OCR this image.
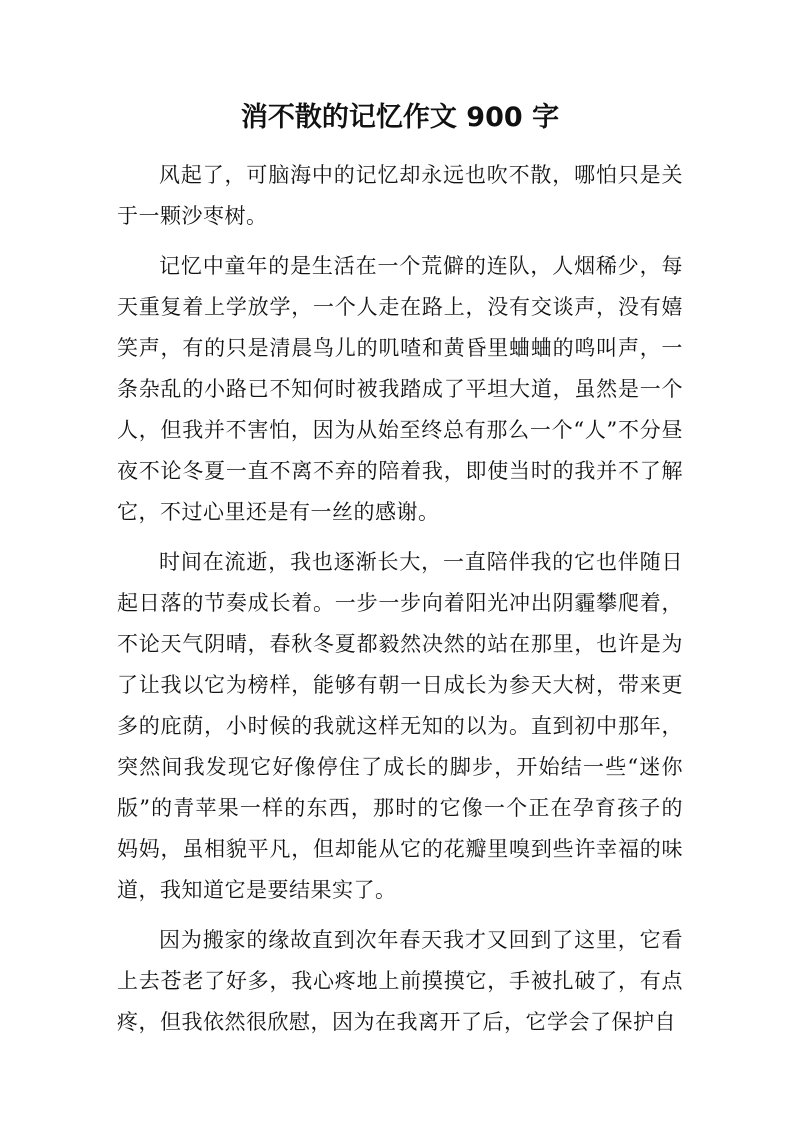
消不散的记忆作文 900 字

风起了，可脑海中的记忆却永远也吹不散，哪怕只是关于一颗沙枣树。

记忆中童年的是生活在一个荒僻的连队，人烟稀少，每天重复着上学放学，一个人走在路上，没有交谈声，没有嬉笑声，有的只是清晨鸟儿的叽喳和黄昏里蛐蛐的鸣叫声，一条杂乱的小路已不知何时被我踏成了平坦大道，虽然是一个人，但我并不害怕，因为从始至终总有那么一个“人”不分昼夜不论冬夏一直不离不弃的陪着我，即使当时的我并不了解它，不过心里还是有一丝的感谢。

时间在流逝，我也逐渐长大，一直陪伴我的它也伴随日起日落的节奏成长着。一步一步向着阳光冲出阴霾攀爬着，不论天气阴晴，春秋冬夏都毅然决然的站在那里，也许是为了让我以它为榜样，能够有朝一日成长为参天大树，带来更多的庇荫，小时候的我就这样无知的以为。直到初中那年，突然间我发现它好像停住了成长的脚步，开始结一些“迷你版”的青苹果一样的东西，那时的它像一个正在孕育孩子的妈妈，虽相貌平凡，但却能从它的花瓣里嗅到些许幸福的味道，我知道它是要结果实了。

因为搬家的缘故直到次年春天我才又回到了这里，它看上去苍老了好多，我心疼地上前摸摸它，手被扎破了，有点疼，但我依然很欣慰，因为在我离开了后，它学会了保护自
